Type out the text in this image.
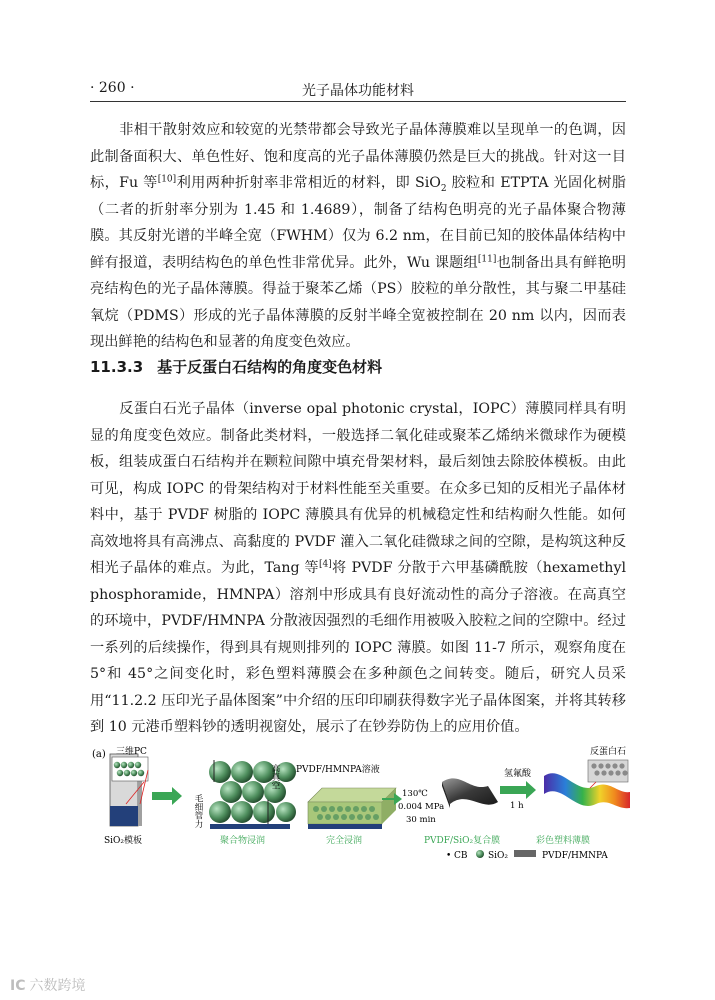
· 260 ·	光子晶体功能材料

非相干散射效应和较宽的光禁带都会导致光子晶体薄膜难以呈现单一的色调，因此制备面积大、单色性好、饱和度高的光子晶体薄膜仍然是巨大的挑战。针对这一目标，Fu 等[10]利用两种折射率非常相近的材料，即 SiO$_2$ 胶粒和 ETPTA 光固化树脂（二者的折射率分别为 1.45 和 1.4689），制备了结构色明亮的光子晶体聚合物薄膜。其反射光谱的半峰全宽（FWHM）仅为 6.2 nm，在目前已知的胶体晶体结构中鲜有报道，表明结构色的单色性非常优异。此外，Wu 课题组[11]也制备出具有鲜艳明亮结构色的光子晶体薄膜。得益于聚苯乙烯（PS）胶粒的单分散性，其与聚二甲基硅氧烷（PDMS）形成的光子晶体薄膜的反射半峰全宽被控制在 20 nm 以内，因而表现出鲜艳的结构色和显著的角度变色效应。

11.3.3 基于反蛋白石结构的角度变色材料

反蛋白石光子晶体（inverse opal photonic crystal，IOPC）薄膜同样具有明显的角度变色效应。制备此类材料，一般选择二氧化硅或聚苯乙烯纳米微球作为硬模板，组装成蛋白石结构并在颗粒间隙中填充骨架材料，最后刻蚀去除胶体模板。由此可见，构成 IOPC 的骨架结构对于材料性能至关重要。在众多已知的反相光子晶体材料中，基于 PVDF 树脂的 IOPC 薄膜具有优异的机械稳定性和结构耐久性能。如何高效地将具有高沸点、高黏度的 PVDF 灌入二氧化硅微球之间的空隙，是构筑这种反相光子晶体的难点。为此，Tang 等[4]将 PVDF 分散于六甲基磷酰胺（hexamethyl phosphoramide，HMNPA）溶剂中形成具有良好流动性的高分子溶液。在高真空的环境中，PVDF/HMNPA 分散液因强烈的毛细作用被吸入胶粒之间的空隙中。经过一系列的后续操作，得到具有规则排列的 IOPC 薄膜。如图 11-7 所示，观察角度在 5°和 45°之间变化时，彩色塑料薄膜会在多种颜色之间转变。随后，研究人员采用“11.2.2 压印光子晶体图案”中介绍的压印印刷获得数字光子晶体图案，并将其转移到 10 元港币塑料钞的透明视窗处，展示了在钞券防伪上的应用价值。

(a) 三维PC
SiO₂模板
毛细管力
高真空
聚合物浸润
PVDF/HMNPA溶液
完全浸润
130℃
0.004 MPa
30 min
PVDF/SiO₂复合膜
氢氟酸
1 h
反蛋白石
彩色塑料薄膜
• CB SiO₂	PVDF/HMNPA
IC 六数跨境
